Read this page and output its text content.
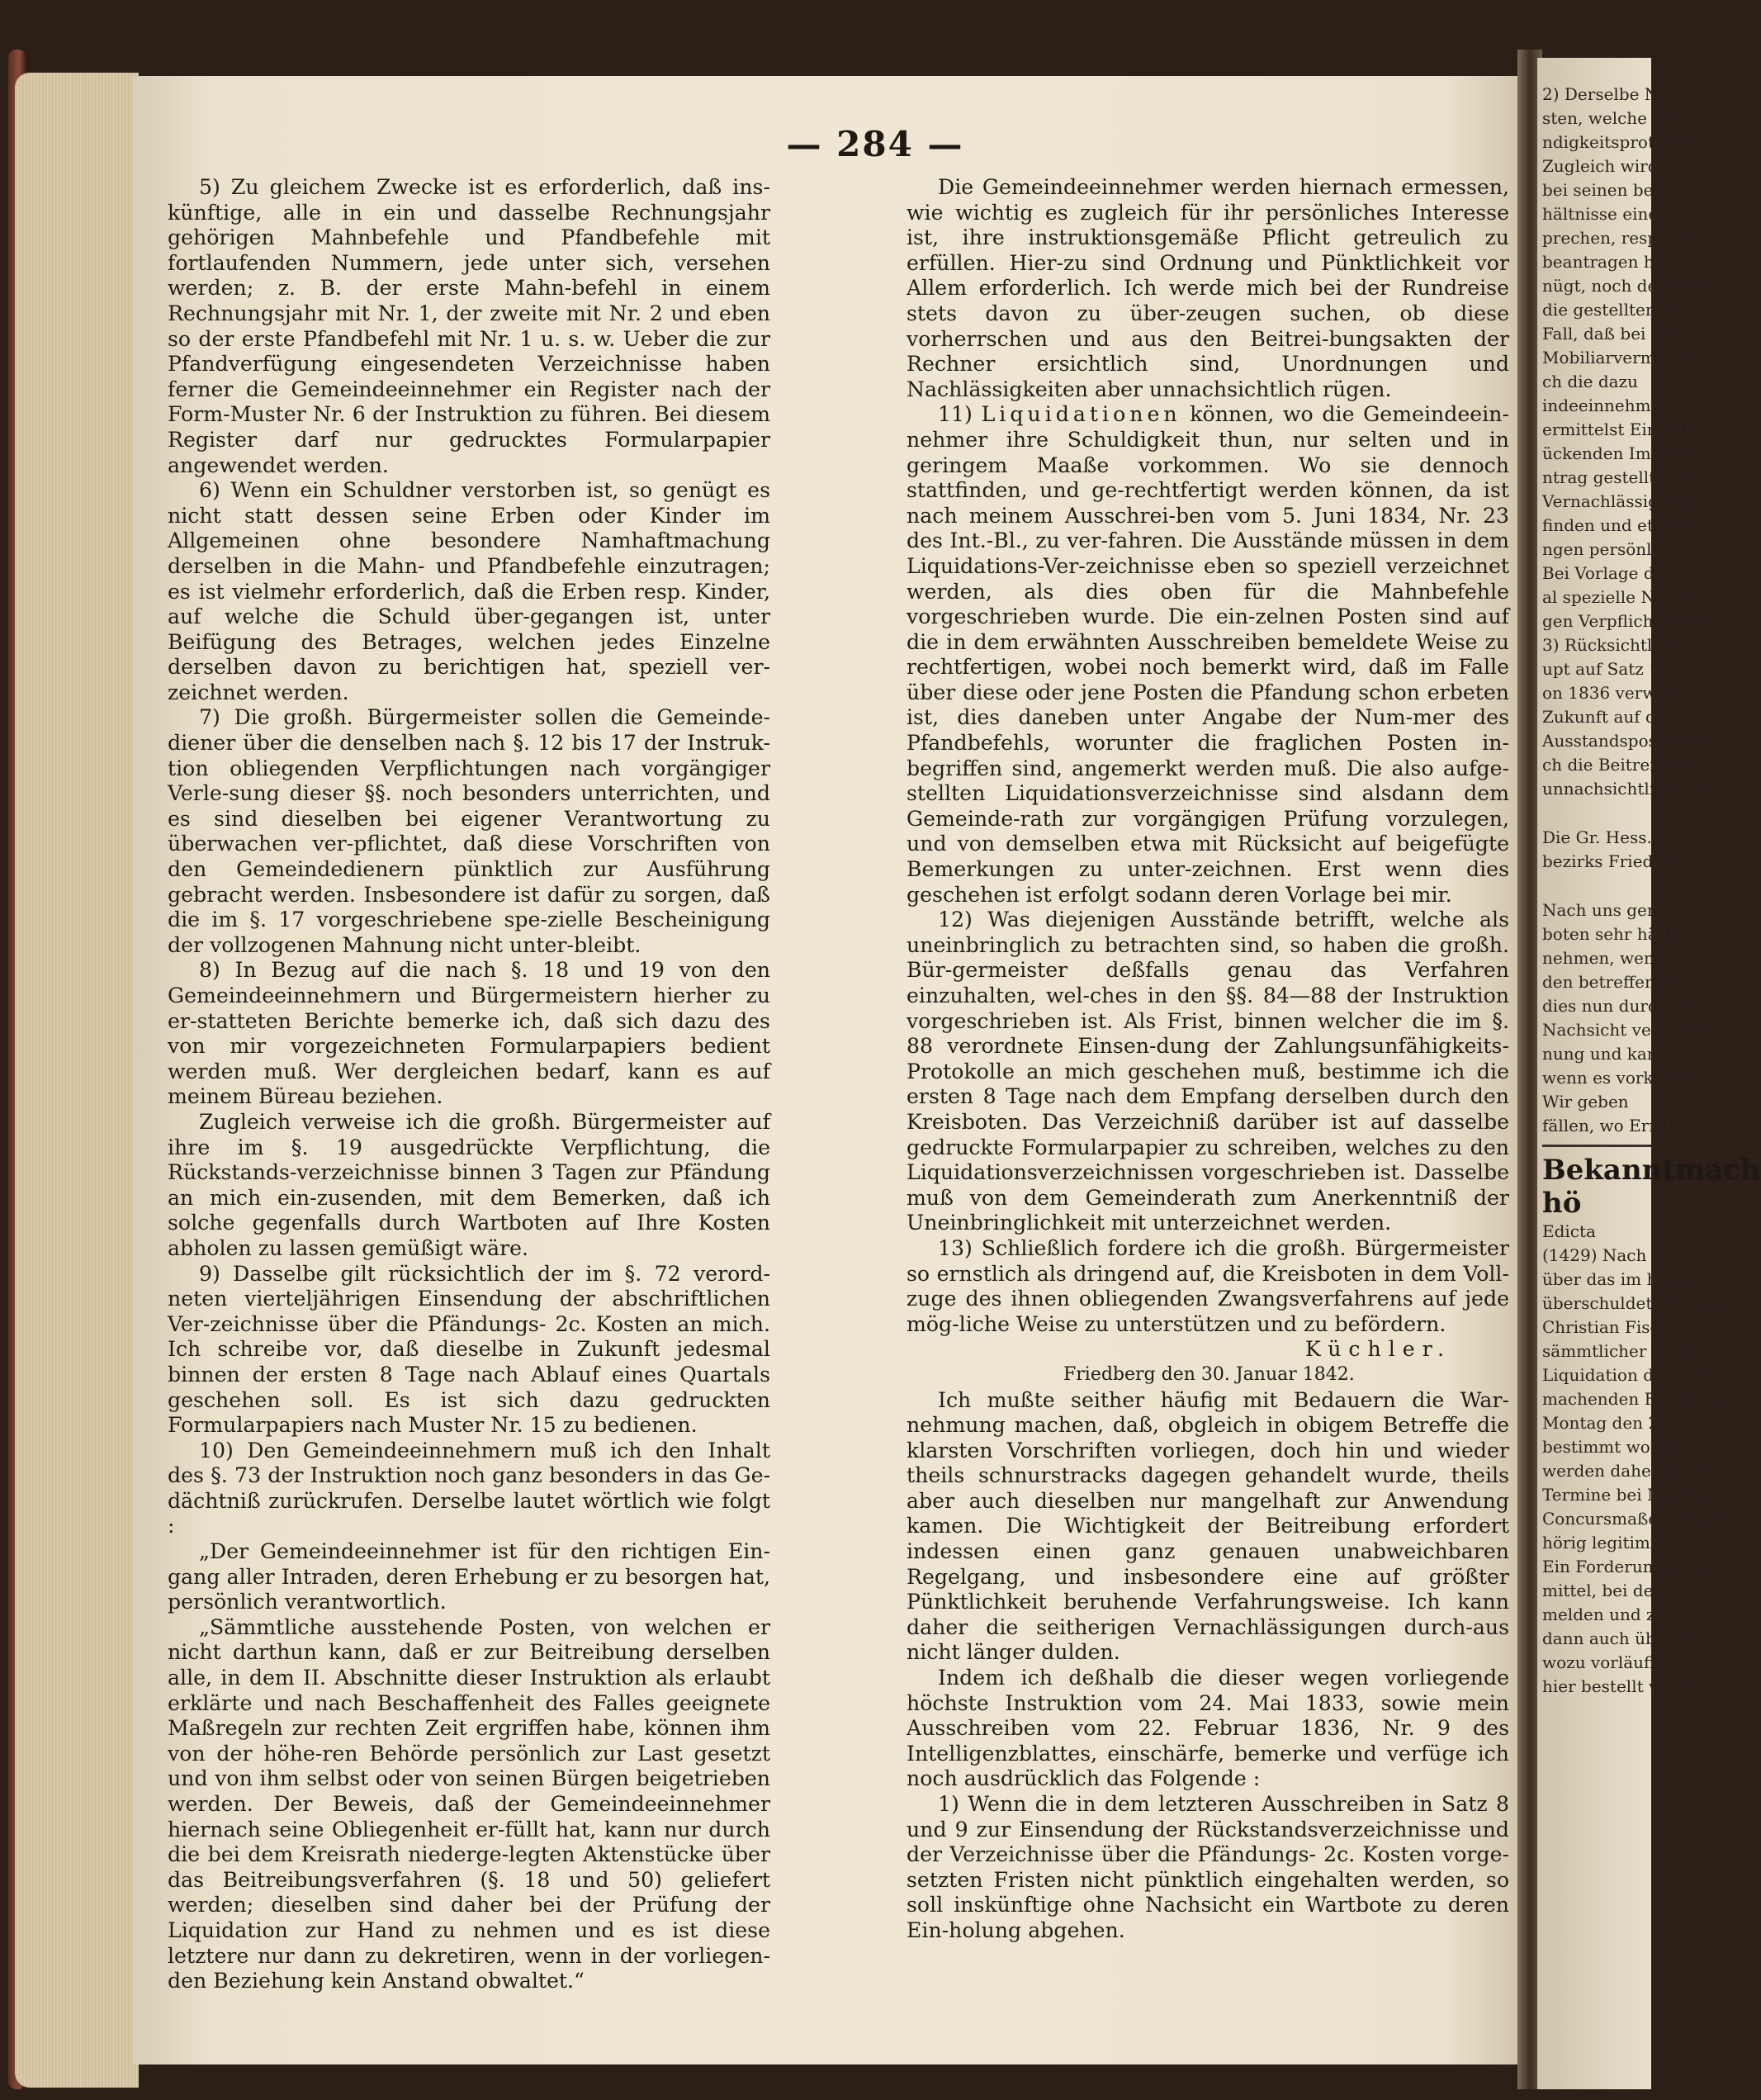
2) Derselbe Na
sten, welche die S
ndigkeitsprotokolle
Zugleich wird
bei seinen beff
hältnisse eines Je
prechen, resp. die n
beantragen hat, in
nügt, noch der Behö
die gestellten An
Fall, daß bei Zah
Mobiliarvermögen
ch die dazu
indeeinnehmer daf
ermittelst Eingabe
ückenden Immobil
ntrag gestellt und
Vernachlässigungen i
finden und etwa bal
ngen persönlich zur
Bei Vorlage der
al spezielle Nachwe
gen Verpflichtungen
3) Rücksichtlich
upt auf Satz 11
on 1836 verwiese
Zukunft auf die Ein
Ausstandsposten an
ch die Beitreibung
unnachsichtlicher Str
Die Gr. Hess. K
bezirks Friedberg
Nach uns ger
boten sehr häufig
nehmen, wenn n
den betreffenden G
dies nun durch ein
Nachsicht veranlaß
nung und kann nu
wenn es vorkommt
Wir geben
fällen, wo Ernd
Bekanntmach
hö
Edicta
(1429) Nach mir
über das im hiesige
überschuldete Vermög
Christian Fisch
sämmtlicher Particular
Liquidation der in di
machenden Forderung
Montag den 27. F.
bestimmt worden.
werden daher hierdur
Termine bei Meidung
Concursmaße, entwed
hörig legitimirte Bev
Ein Forderungen, un
mittel, bei dem vor
melden und zu begr
dann auch über die
wozu vorläufig der
hier bestellt worden
— 284 —

5) Zu gleichem Zwecke ist es erforderlich, daß ins-künftige, alle in ein und dasselbe Rechnungsjahr gehörigen Mahnbefehle und Pfandbefehle mit fortlaufenden Nummern, jede unter sich, versehen werden; z. B. der erste Mahn-befehl in einem Rechnungsjahr mit Nr. 1, der zweite mit Nr. 2 und eben so der erste Pfandbefehl mit Nr. 1 u. s. w. Ueber die zur Pfandverfügung eingesendeten Verzeichnisse haben ferner die Gemeindeeinnehmer ein Register nach der Form-Muster Nr. 6 der Instruktion zu führen. Bei diesem Register darf nur gedrucktes Formularpapier angewendet werden.

6) Wenn ein Schuldner verstorben ist, so genügt es nicht statt dessen seine Erben oder Kinder im Allgemeinen ohne besondere Namhaftmachung derselben in die Mahn- und Pfandbefehle einzutragen; es ist vielmehr erforderlich, daß die Erben resp. Kinder, auf welche die Schuld über-gegangen ist, unter Beifügung des Betrages, welchen jedes Einzelne derselben davon zu berichtigen hat, speziell ver-zeichnet werden.

7) Die großh. Bürgermeister sollen die Gemeinde-diener über die denselben nach §. 12 bis 17 der Instruk-tion obliegenden Verpflichtungen nach vorgängiger Verle-sung dieser §§. noch besonders unterrichten, und es sind dieselben bei eigener Verantwortung zu überwachen ver-pflichtet, daß diese Vorschriften von den Gemeindedienern pünktlich zur Ausführung gebracht werden. Insbesondere ist dafür zu sorgen, daß die im §. 17 vorgeschriebene spe-zielle Bescheinigung der vollzogenen Mahnung nicht unter-bleibt.

8) In Bezug auf die nach §. 18 und 19 von den Gemeindeeinnehmern und Bürgermeistern hierher zu er-statteten Berichte bemerke ich, daß sich dazu des von mir vorgezeichneten Formularpapiers bedient werden muß. Wer dergleichen bedarf, kann es auf meinem Büreau beziehen.

Zugleich verweise ich die großh. Bürgermeister auf ihre im §. 19 ausgedrückte Verpflichtung, die Rückstands-verzeichnisse binnen 3 Tagen zur Pfändung an mich ein-zusenden, mit dem Bemerken, daß ich solche gegenfalls durch Wartboten auf Ihre Kosten abholen zu lassen gemüßigt wäre.

9) Dasselbe gilt rücksichtlich der im §. 72 verord-neten vierteljährigen Einsendung der abschriftlichen Ver-zeichnisse über die Pfändungs- 2c. Kosten an mich. Ich schreibe vor, daß dieselbe in Zukunft jedesmal binnen der ersten 8 Tage nach Ablauf eines Quartals geschehen soll. Es ist sich dazu gedruckten Formularpapiers nach Muster Nr. 15 zu bedienen.

10) Den Gemeindeeinnehmern muß ich den Inhalt des §. 73 der Instruktion noch ganz besonders in das Ge-dächtniß zurückrufen. Derselbe lautet wörtlich wie folgt :

„Der Gemeindeeinnehmer ist für den richtigen Ein-gang aller Intraden, deren Erhebung er zu besorgen hat, persönlich verantwortlich.

„Sämmtliche ausstehende Posten, von welchen er nicht darthun kann, daß er zur Beitreibung derselben alle, in dem II. Abschnitte dieser Instruktion als erlaubt erklärte und nach Beschaffenheit des Falles geeignete Maßregeln zur rechten Zeit ergriffen habe, können ihm von der höhe-ren Behörde persönlich zur Last gesetzt und von ihm selbst oder von seinen Bürgen beigetrieben werden. Der Beweis, daß der Gemeindeeinnehmer hiernach seine Obliegenheit er-füllt hat, kann nur durch die bei dem Kreisrath niederge-legten Aktenstücke über das Beitreibungsverfahren (§. 18 und 50) geliefert werden; dieselben sind daher bei der Prüfung der Liquidation zur Hand zu nehmen und es ist diese letztere nur dann zu dekretiren, wenn in der vorliegen-den Beziehung kein Anstand obwaltet.“

Die Gemeindeeinnehmer werden hiernach ermessen, wie wichtig es zugleich für ihr persönliches Interesse ist, ihre instruktionsgemäße Pflicht getreulich zu erfüllen. Hier-zu sind Ordnung und Pünktlichkeit vor Allem erforderlich. Ich werde mich bei der Rundreise stets davon zu über-zeugen suchen, ob diese vorherrschen und aus den Beitrei-bungsakten der Rechner ersichtlich sind, Unordnungen und Nachlässigkeiten aber unnachsichtlich rügen.

11) Liquidationen können, wo die Gemeindeein-nehmer ihre Schuldigkeit thun, nur selten und in geringem Maaße vorkommen. Wo sie dennoch stattfinden, und ge-rechtfertigt werden können, da ist nach meinem Ausschrei-ben vom 5. Juni 1834, Nr. 23 des Int.-Bl., zu ver-fahren. Die Ausstände müssen in dem Liquidations-Ver-zeichnisse eben so speziell verzeichnet werden, als dies oben für die Mahnbefehle vorgeschrieben wurde. Die ein-zelnen Posten sind auf die in dem erwähnten Ausschreiben bemeldete Weise zu rechtfertigen, wobei noch bemerkt wird, daß im Falle über diese oder jene Posten die Pfandung schon erbeten ist, dies daneben unter Angabe der Num-mer des Pfandbefehls, worunter die fraglichen Posten in-begriffen sind, angemerkt werden muß. Die also aufge-stellten Liquidationsverzeichnisse sind alsdann dem Gemeinde-rath zur vorgängigen Prüfung vorzulegen, und von demselben etwa mit Rücksicht auf beigefügte Bemerkungen zu unter-zeichnen. Erst wenn dies geschehen ist erfolgt sodann deren Vorlage bei mir.

12) Was diejenigen Ausstände betrifft, welche als uneinbringlich zu betrachten sind, so haben die großh. Bür-germeister deßfalls genau das Verfahren einzuhalten, wel-ches in den §§. 84—88 der Instruktion vorgeschrieben ist. Als Frist, binnen welcher die im §. 88 verordnete Einsen-dung der Zahlungsunfähigkeits-Protokolle an mich geschehen muß, bestimme ich die ersten 8 Tage nach dem Empfang derselben durch den Kreisboten. Das Verzeichniß darüber ist auf dasselbe gedruckte Formularpapier zu schreiben, welches zu den Liquidationsverzeichnissen vorgeschrieben ist. Dasselbe muß von dem Gemeinderath zum Anerkenntniß der Uneinbringlichkeit mit unterzeichnet werden.

13) Schließlich fordere ich die großh. Bürgermeister so ernstlich als dringend auf, die Kreisboten in dem Voll-zuge des ihnen obliegenden Zwangsverfahrens auf jede mög-liche Weise zu unterstützen und zu befördern.

Küchler.

Friedberg den 30. Januar 1842.

Ich mußte seither häufig mit Bedauern die War-nehmung machen, daß, obgleich in obigem Betreffe die klarsten Vorschriften vorliegen, doch hin und wieder theils schnurstracks dagegen gehandelt wurde, theils aber auch dieselben nur mangelhaft zur Anwendung kamen. Die Wichtigkeit der Beitreibung erfordert indessen einen ganz genauen unabweichbaren Regelgang, und insbesondere eine auf größter Pünktlichkeit beruhende Verfahrungsweise. Ich kann daher die seitherigen Vernachlässigungen durch-aus nicht länger dulden.

Indem ich deßhalb die dieser wegen vorliegende höchste Instruktion vom 24. Mai 1833, sowie mein Ausschreiben vom 22. Februar 1836, Nr. 9 des Intelligenzblattes, einschärfe, bemerke und verfüge ich noch ausdrücklich das Folgende :

1) Wenn die in dem letzteren Ausschreiben in Satz 8 und 9 zur Einsendung der Rückstandsverzeichnisse und der Verzeichnisse über die Pfändungs- 2c. Kosten vorge-setzten Fristen nicht pünktlich eingehalten werden, so soll inskünftige ohne Nachsicht ein Wartbote zu deren Ein-holung abgehen.
